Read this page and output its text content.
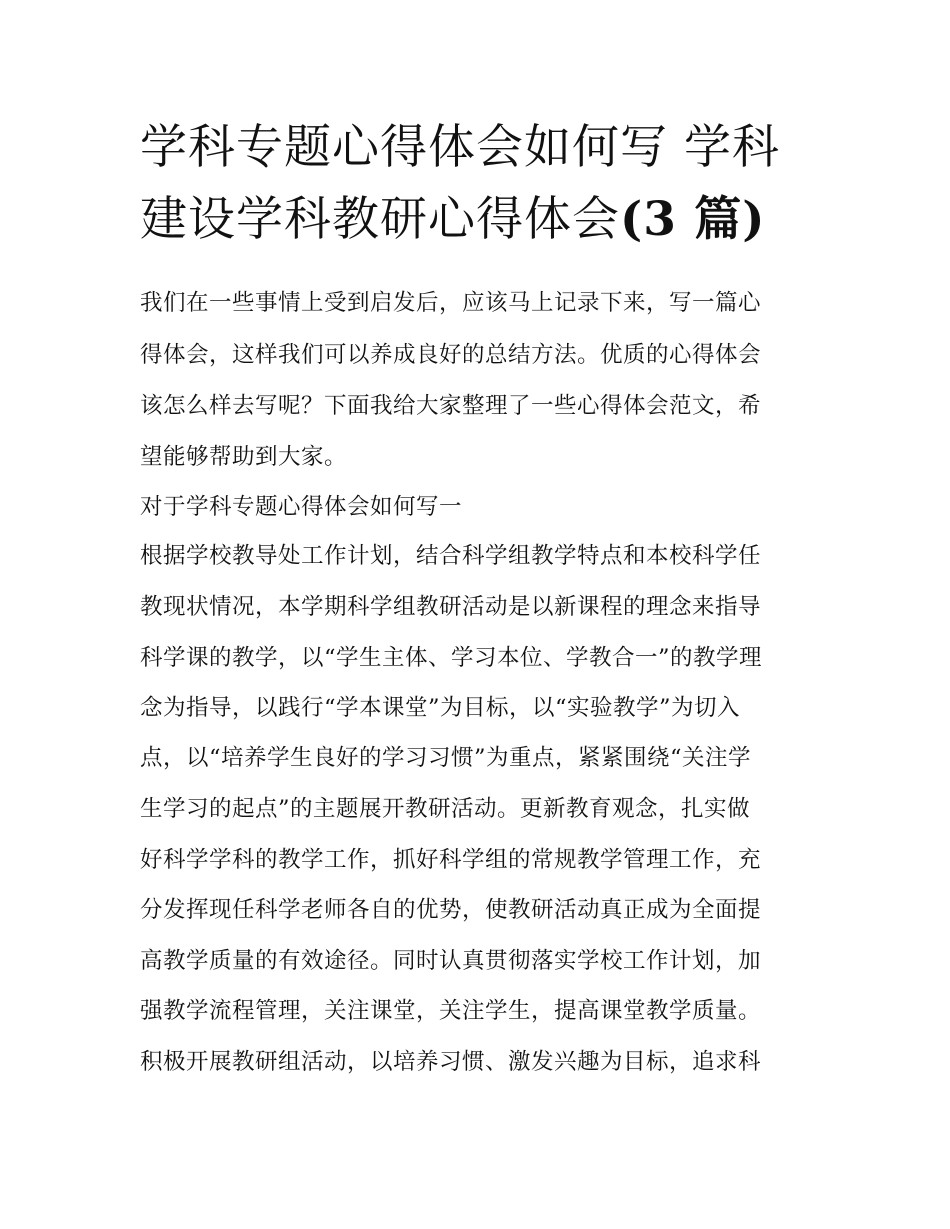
学科专题心得体会如何写 学科
建设学科教研心得体会(3 篇)

我们在一些事情上受到启发后，应该马上记录下来，写一篇心

得体会，这样我们可以养成良好的总结方法。优质的心得体会

该怎么样去写呢？下面我给大家整理了一些心得体会范文，希

望能够帮助到大家。

对于学科专题心得体会如何写一

根据学校教导处工作计划，结合科学组教学特点和本校科学任

教现状情况，本学期科学组教研活动是以新课程的理念来指导

科学课的教学，以“学生主体、学习本位、学教合一”的教学理

念为指导，以践行“学本课堂”为目标，以“实验教学”为切入

点，以“培养学生良好的学习习惯”为重点，紧紧围绕“关注学

生学习的起点”的主题展开教研活动。更新教育观念，扎实做

好科学学科的教学工作，抓好科学组的常规教学管理工作，充

分发挥现任科学老师各自的优势，使教研活动真正成为全面提

高教学质量的有效途径。同时认真贯彻落实学校工作计划，加

强教学流程管理，关注课堂，关注学生，提高课堂教学质量。

积极开展教研组活动，以培养习惯、激发兴趣为目标，追求科
